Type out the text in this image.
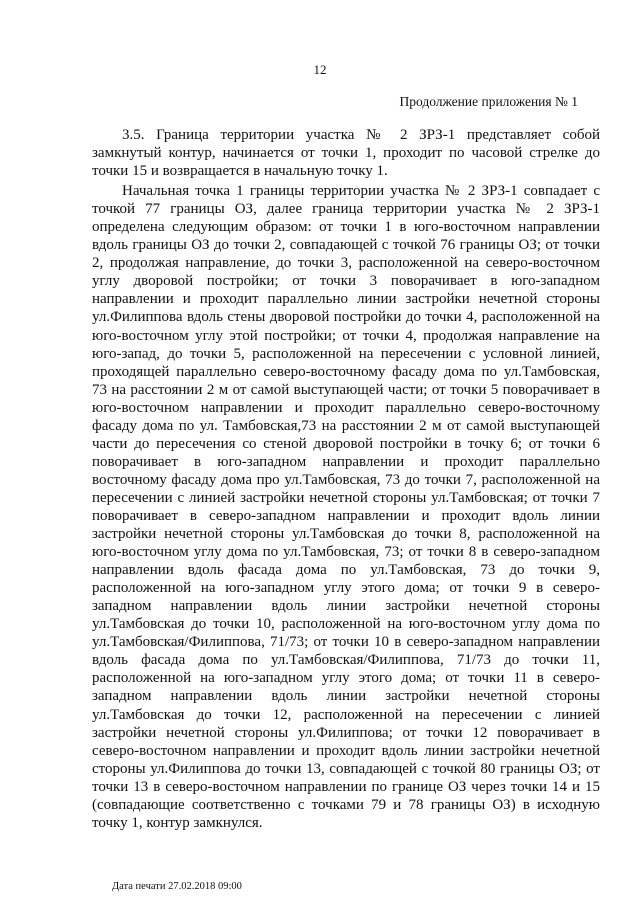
12
Продолжение приложения № 1

3.5. Граница территории участка № 2 ЗРЗ-1 представляет собой замкнутый контур, начинается от точки 1, проходит по часовой стрелке до точки 15 и возвращается в начальную точку 1.

Начальная точка 1 границы территории участка № 2 ЗРЗ-1 совпадает с точкой 77 границы ОЗ, далее граница территории участка № 2 ЗРЗ-1 определена следующим образом: от точки 1 в юго-восточном направлении вдоль границы ОЗ до точки 2, совпадающей с точкой 76 границы ОЗ; от точки 2, продолжая направление, до точки 3, расположенной на северо-восточном углу дворовой постройки; от точки 3 поворачивает в юго-западном направлении и проходит параллельно линии застройки нечетной стороны ул.Филиппова вдоль стены дворовой постройки до точки 4, расположенной на юго-восточном углу этой постройки; от точки 4, продолжая направление на юго-запад, до точки 5, расположенной на пересечении с условной линией, проходящей параллельно северо-восточному фасаду дома по ул.Тамбовская, 73 на расстоянии 2 м от самой выступающей части; от точки 5 поворачивает в юго-восточном направлении и проходит параллельно северо-восточному фасаду дома по ул. Тамбовская,73 на расстоянии 2 м от самой выступающей части до пересечения со стеной дворовой постройки в точку 6; от точки 6 поворачивает в юго-западном направлении и проходит параллельно восточному фасаду дома про ул.Тамбовская, 73 до точки 7, расположенной на пересечении с линией застройки нечетной стороны ул.Тамбовская; от точки 7 поворачивает в северо-западном направлении и проходит вдоль линии застройки нечетной стороны ул.Тамбовская до точки 8, расположенной на юго-восточном углу дома по ул.Тамбовская, 73; от точки 8 в северо-западном направлении вдоль фасада дома по ул.Тамбовская, 73 до точки 9, расположенной на юго-западном углу этого дома; от точки 9 в северо-западном направлении вдоль линии застройки нечетной стороны ул.Тамбовская до точки 10, расположенной на юго-восточном углу дома по ул.Тамбовская/Филиппова, 71/73; от точки 10 в северо-западном направлении вдоль фасада дома по ул.Тамбовская/Филиппова, 71/73 до точки 11, расположенной на юго-западном углу этого дома; от точки 11 в северо-западном направлении вдоль линии застройки нечетной стороны ул.Тамбовская до точки 12, расположенной на пересечении с линией застройки нечетной стороны ул.Филиппова; от точки 12 поворачивает в северо-восточном направлении и проходит вдоль линии застройки нечетной стороны ул.Филиппова до точки 13, совпадающей с точкой 80 границы ОЗ; от точки 13 в северо-восточном направлении по границе ОЗ через точки 14 и 15 (совпадающие соответственно с точками 79 и 78 границы ОЗ) в исходную точку 1, контур замкнулся.

Дата печати 27.02.2018 09:00
